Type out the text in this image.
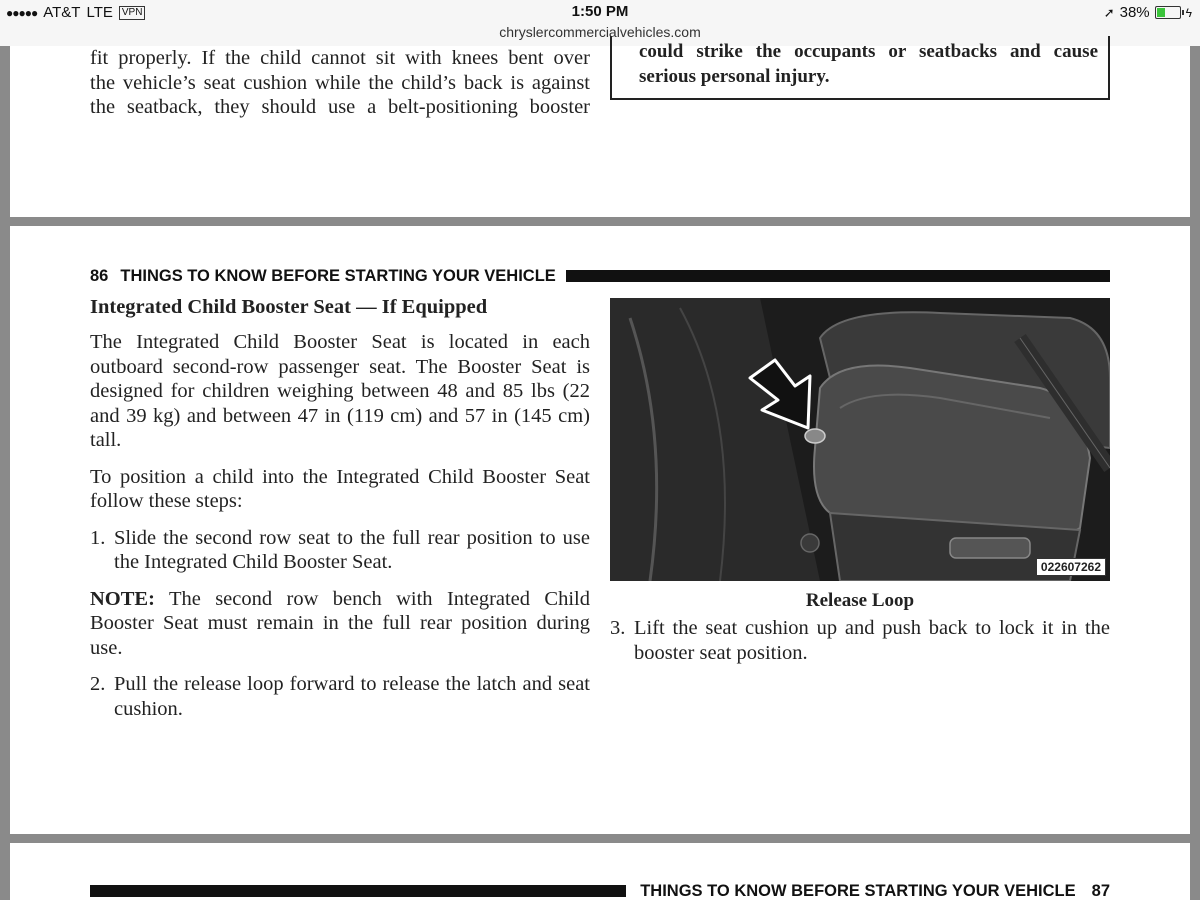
●●●●● AT&T LTE VPN	1:50 PM
chryslercommercialvehicles.com
➚ 38%	ϟ
fit properly. If the child cannot sit with knees bent over
the vehicle’s seat cushion while the child’s back is against
the seatback, they should use a belt-positioning booster
could strike the occupants or seatbacks and cause
serious personal injury.
86 THINGS TO KNOW BEFORE STARTING YOUR VEHICLE
Integrated Child Booster Seat — If Equipped
The Integrated Child Booster Seat is located in each outboard second-row passenger seat. The Booster Seat is designed for children weighing between 48 and 85 lbs (22 and 39 kg) and between 47 in (119 cm) and 57 in (145 cm) tall.
To position a child into the Integrated Child Booster Seat follow these steps:
1. Slide the second row seat to the full rear position to use the Integrated Child Booster Seat.
NOTE: The second row bench with Integrated Child Booster Seat must remain in the full rear position during use.
2. Pull the release loop forward to release the latch and seat cushion.
022607262
Release Loop
3. Lift the seat cushion up and push back to lock it in the booster seat position.
THINGS TO KNOW BEFORE STARTING YOUR VEHICLE 87
